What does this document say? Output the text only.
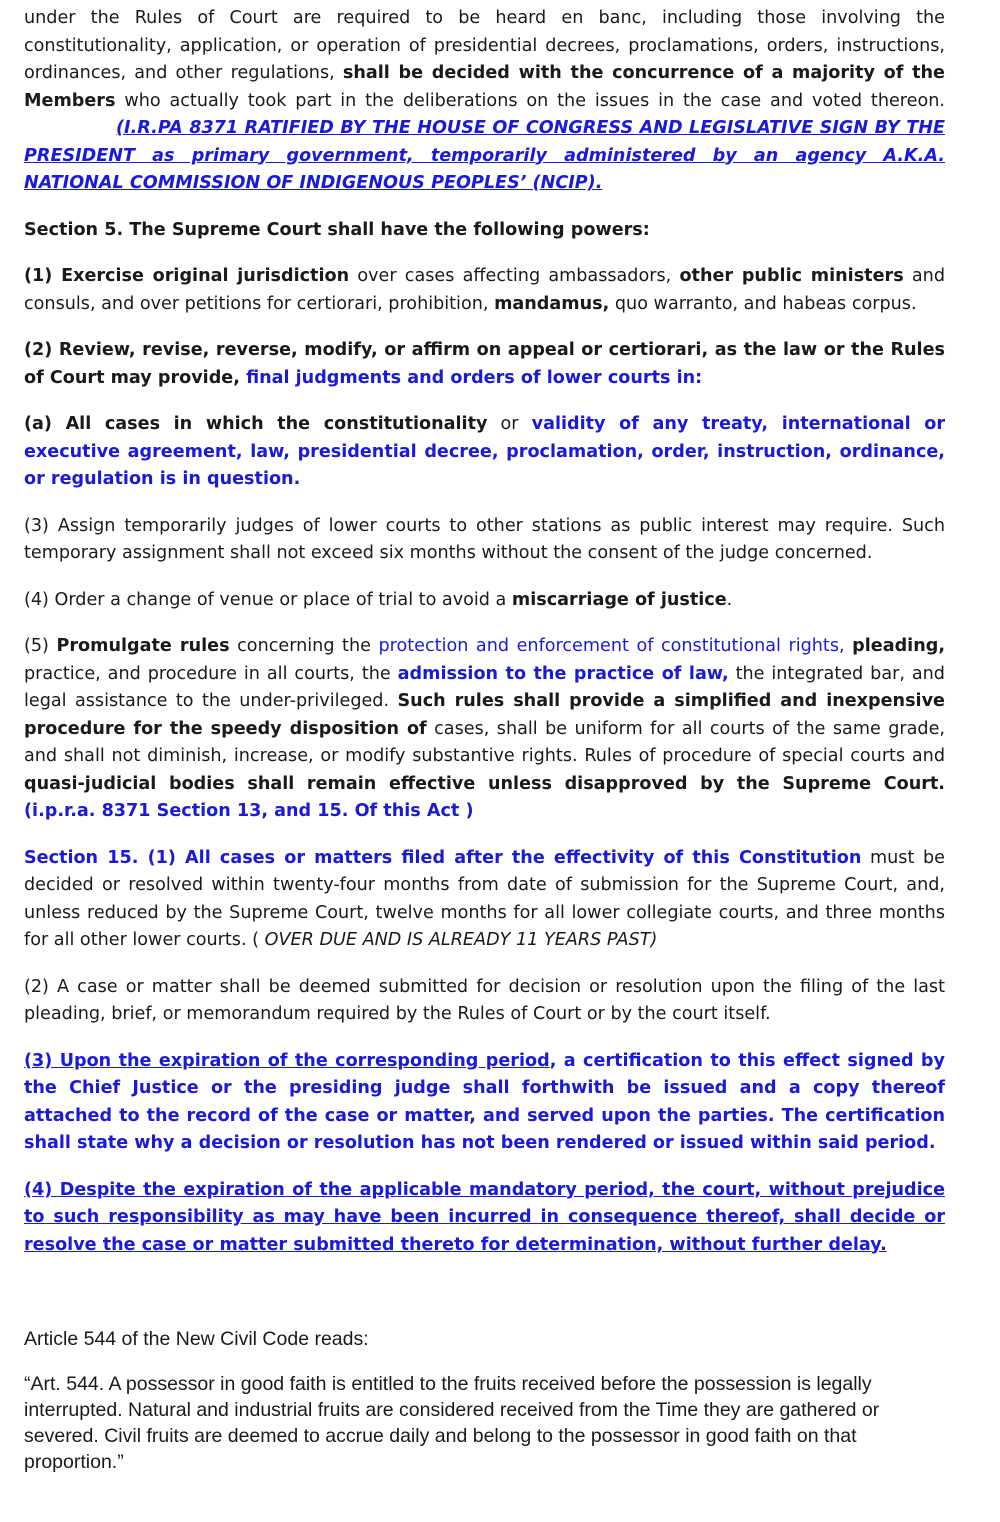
under the Rules of Court are required to be heard en banc, including those involving the constitutionality, application, or operation of presidential decrees, proclamations, orders, instructions, ordinances, and other regulations, shall be decided with the concurrence of a majority of the Members who actually took part in the deliberations on the issues in the case and voted thereon.(I.R.PA 8371 RATIFIED BY THE HOUSE OF CONGRESS AND LEGISLATIVE SIGN BY THE PRESIDENT as primary government, temporarily administered by an agency A.K.A. NATIONAL COMMISSION OF INDIGENOUS PEOPLES’ (NCIP).

Section 5. The Supreme Court shall have the following powers:

(1) Exercise original jurisdiction over cases affecting ambassadors, other public ministers and consuls, and over petitions for certiorari, prohibition, mandamus, quo warranto, and habeas corpus.

(2) Review, revise, reverse, modify, or affirm on appeal or certiorari, as the law or the Rules of Court may provide, final judgments and orders of lower courts in:

(a) All cases in which the constitutionality or validity of any treaty, international or executive agreement, law, presidential decree, proclamation, order, instruction, ordinance, or regulation is in question.

(3) Assign temporarily judges of lower courts to other stations as public interest may require. Such temporary assignment shall not exceed six months without the consent of the judge concerned.

(4) Order a change of venue or place of trial to avoid a miscarriage of justice.

(5) Promulgate rules concerning the protection and enforcement of constitutional rights, pleading, practice, and procedure in all courts, the admission to the practice of law, the integrated bar, and legal assistance to the under-privileged. Such rules shall provide a simplified and inexpensive procedure for the speedy disposition of cases, shall be uniform for all courts of the same grade, and shall not diminish, increase, or modify substantive rights. Rules of procedure of special courts and quasi-judicial bodies shall remain effective unless disapproved by the Supreme Court. (i.p.r.a. 8371 Section 13, and 15. Of this Act )

Section 15. (1) All cases or matters filed after the effectivity of this Constitution must be decided or resolved within twenty-four months from date of submission for the Supreme Court, and, unless reduced by the Supreme Court, twelve months for all lower collegiate courts, and three months for all other lower courts. ( OVER DUE AND IS ALREADY 11 YEARS PAST)

(2) A case or matter shall be deemed submitted for decision or resolution upon the filing of the last pleading, brief, or memorandum required by the Rules of Court or by the court itself.

(3) Upon the expiration of the corresponding period, a certification to this effect signed by the Chief Justice or the presiding judge shall forthwith be issued and a copy thereof attached to the record of the case or matter, and served upon the parties. The certification shall state why a decision or resolution has not been rendered or issued within said period.

(4) Despite the expiration of the applicable mandatory period, the court, without prejudice to such responsibility as may have been incurred in consequence thereof, shall decide or resolve the case or matter submitted thereto for determination, without further delay.

Article 544 of the New Civil Code reads:

“Art. 544. A possessor in good faith is entitled to the fruits received before the possession is legally interrupted. Natural and industrial fruits are considered received from the Time they are gathered or severed. Civil fruits are deemed to accrue daily and belong to the possessor in good faith on that proportion.”
